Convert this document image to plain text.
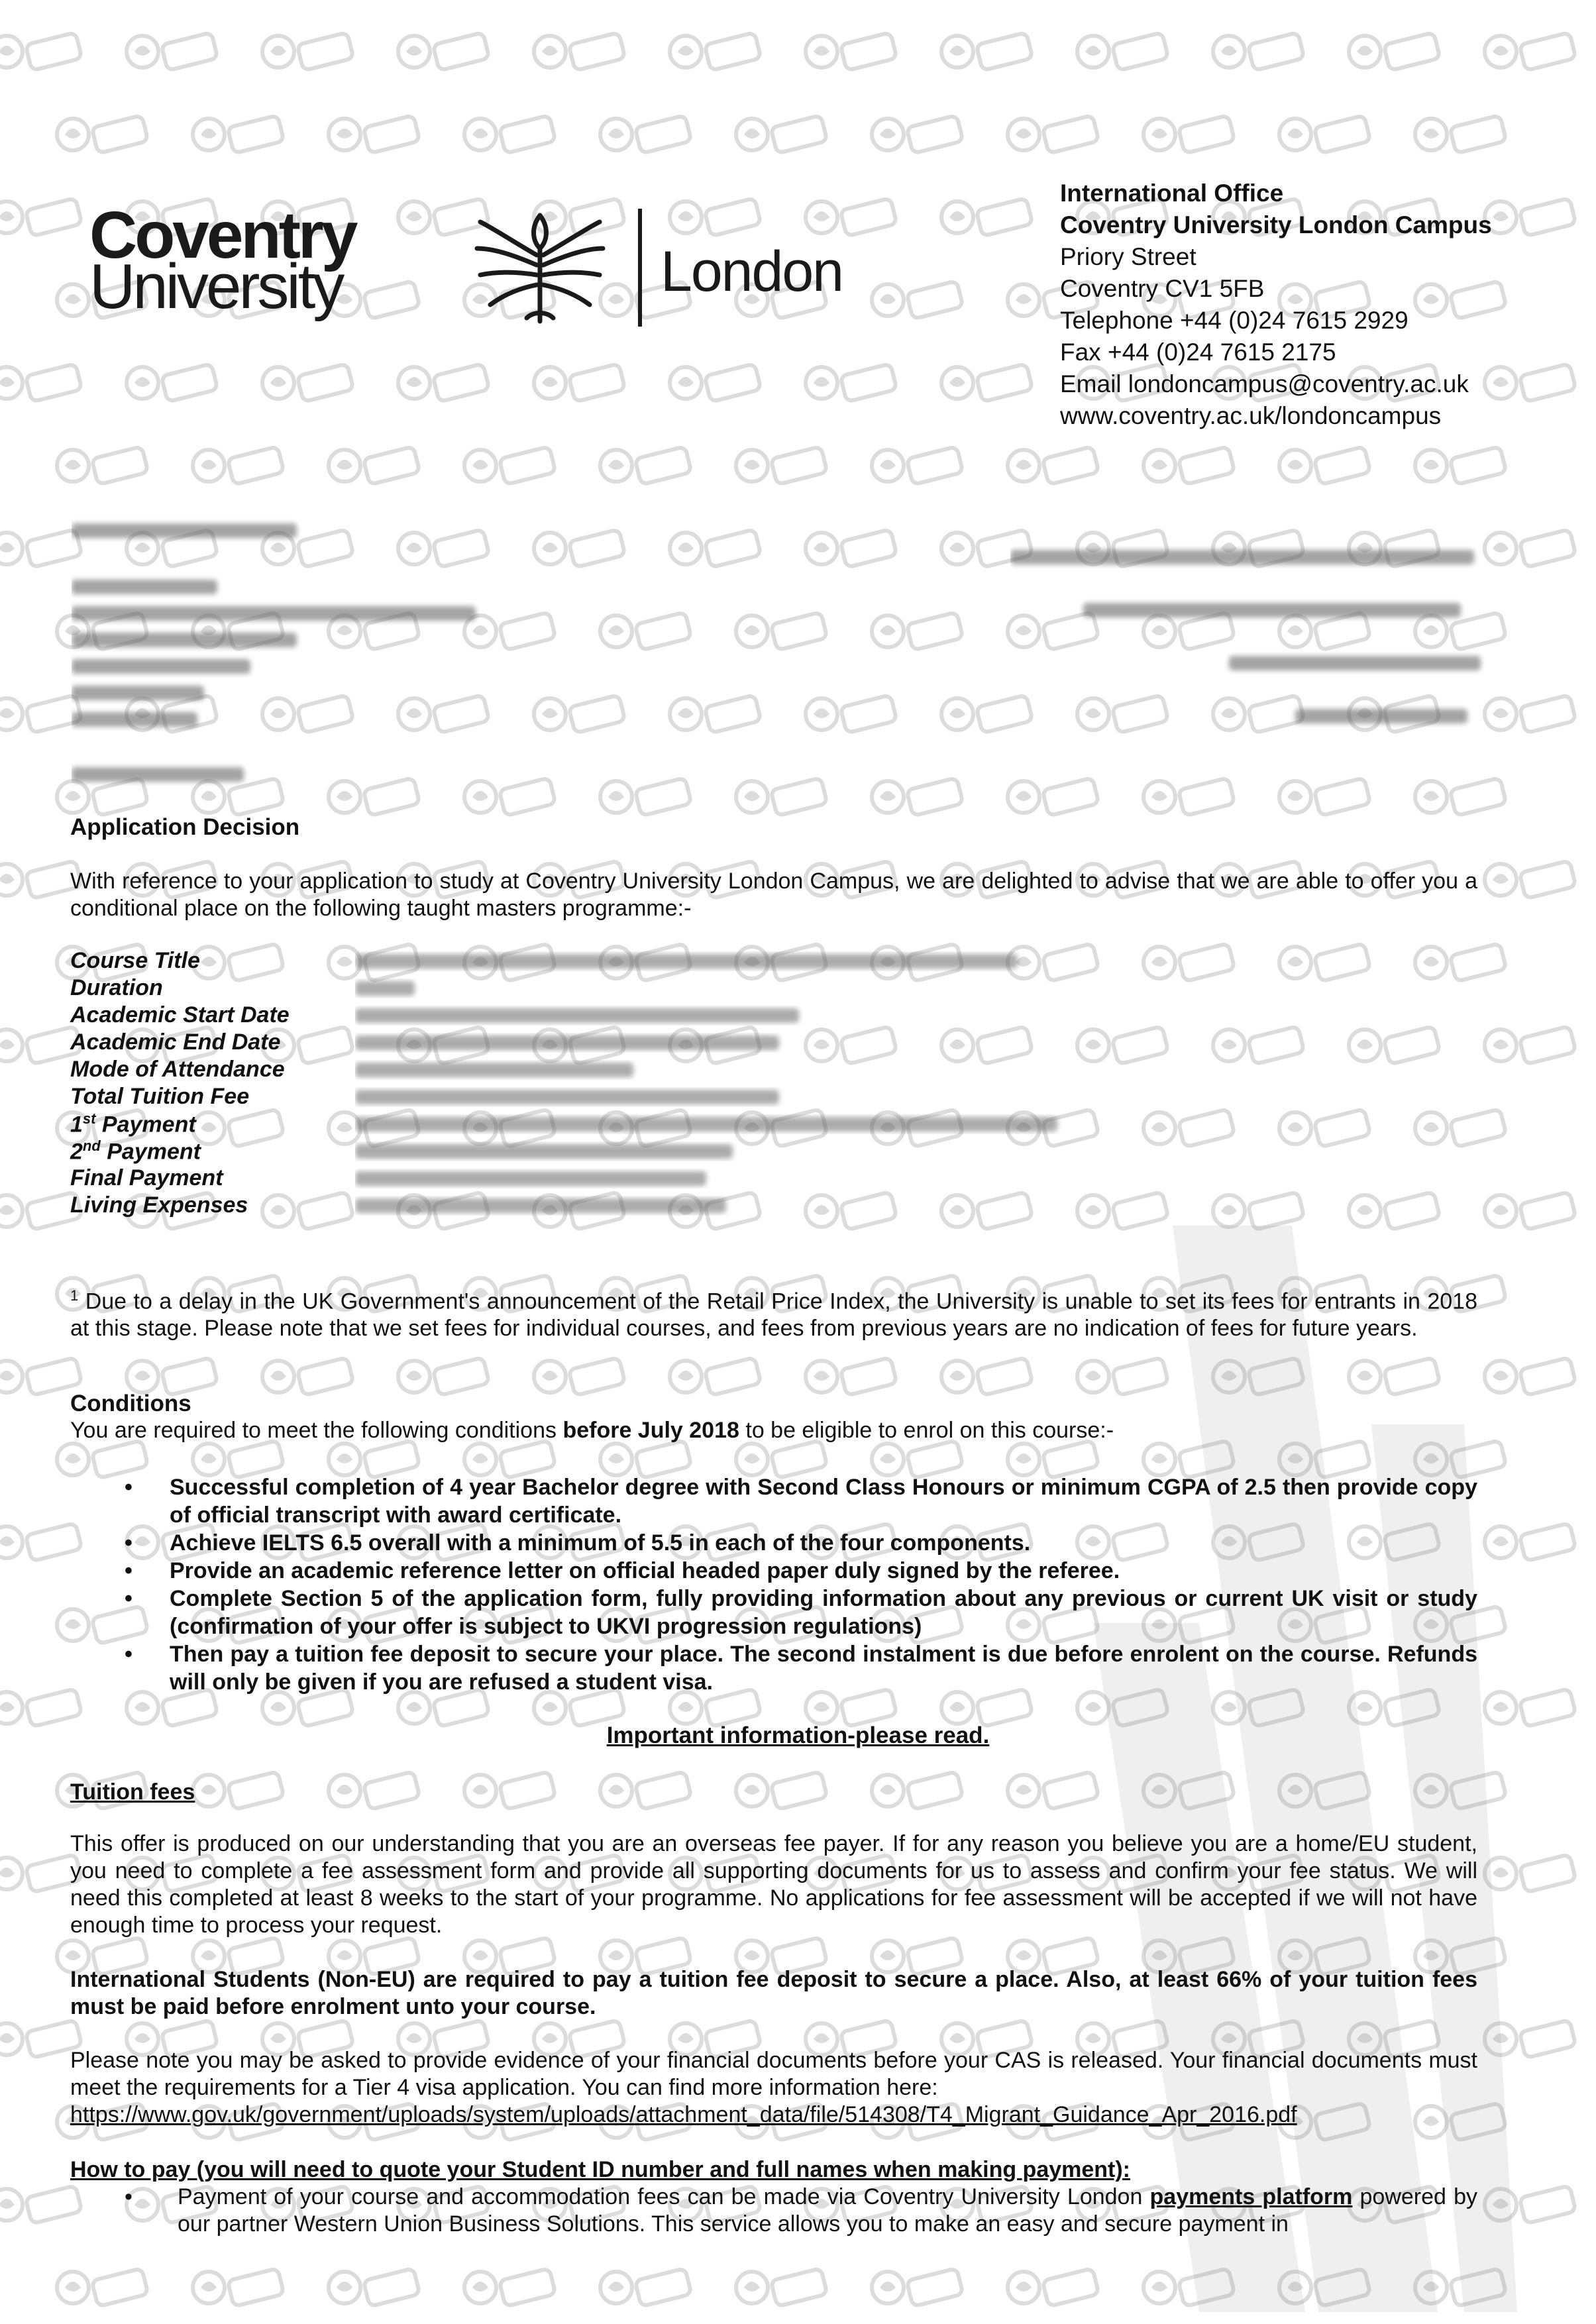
Coventry
University	London
International Office
Coventry University London Campus
Priory Street
Coventry CV1 5FB
Telephone +44 (0)24 7615 2929
Fax +44 (0)24 7615 2175
Email londoncampus@coventry.ac.uk
www.coventry.ac.uk/londoncampus
Application Decision
With reference to your application to study at Coventry University London Campus, we are delighted to advise that we are able to offer you a conditional place on the following taught masters programme:-
Course Title
Duration
Academic Start Date
Academic End Date
Mode of Attendance
Total Tuition Fee
1st Payment
2nd Payment
Final Payment
Living Expenses
$^1$ Due to a delay in the UK Government's announcement of the Retail Price Index, the University is unable to set its fees for entrants in 2018 at this stage. Please note that we set fees for individual courses, and fees from previous years are no indication of fees for future years.
Conditions
You are required to meet the following conditions before July 2018 to be eligible to enrol on this course:-
• Successful completion of 4 year Bachelor degree with Second Class Honours or minimum CGPA of 2.5 then provide copy of official transcript with award certificate.
• Achieve IELTS 6.5 overall with a minimum of 5.5 in each of the four components.
• Provide an academic reference letter on official headed paper duly signed by the referee.
• Complete Section 5 of the application form, fully providing information about any previous or current UK visit or study (confirmation of your offer is subject to UKVI progression regulations)
• Then pay a tuition fee deposit to secure your place. The second instalment is due before enrolent on the course. Refunds will only be given if you are refused a student visa.
Important information-please read.
Tuition fees
This offer is produced on our understanding that you are an overseas fee payer. If for any reason you believe you are a home/EU student, you need to complete a fee assessment form and provide all supporting documents for us to assess and confirm your fee status. We will need this completed at least 8 weeks to the start of your programme. No applications for fee assessment will be accepted if we will not have enough time to process your request.
International Students (Non-EU) are required to pay a tuition fee deposit to secure a place. Also, at least 66% of your tuition fees must be paid before enrolment unto your course.
Please note you may be asked to provide evidence of your financial documents before your CAS is released. Your financial documents must meet the requirements for a Tier 4 visa application. You can find more information here:
https://www.gov.uk/government/uploads/system/uploads/attachment_data/file/514308/T4_Migrant_Guidance_Apr_2016.pdf
How to pay (you will need to quote your Student ID number and full names when making payment):
• Payment of your course and accommodation fees can be made via Coventry University London payments platform powered by our partner Western Union Business Solutions. This service allows you to make an easy and secure payment in
